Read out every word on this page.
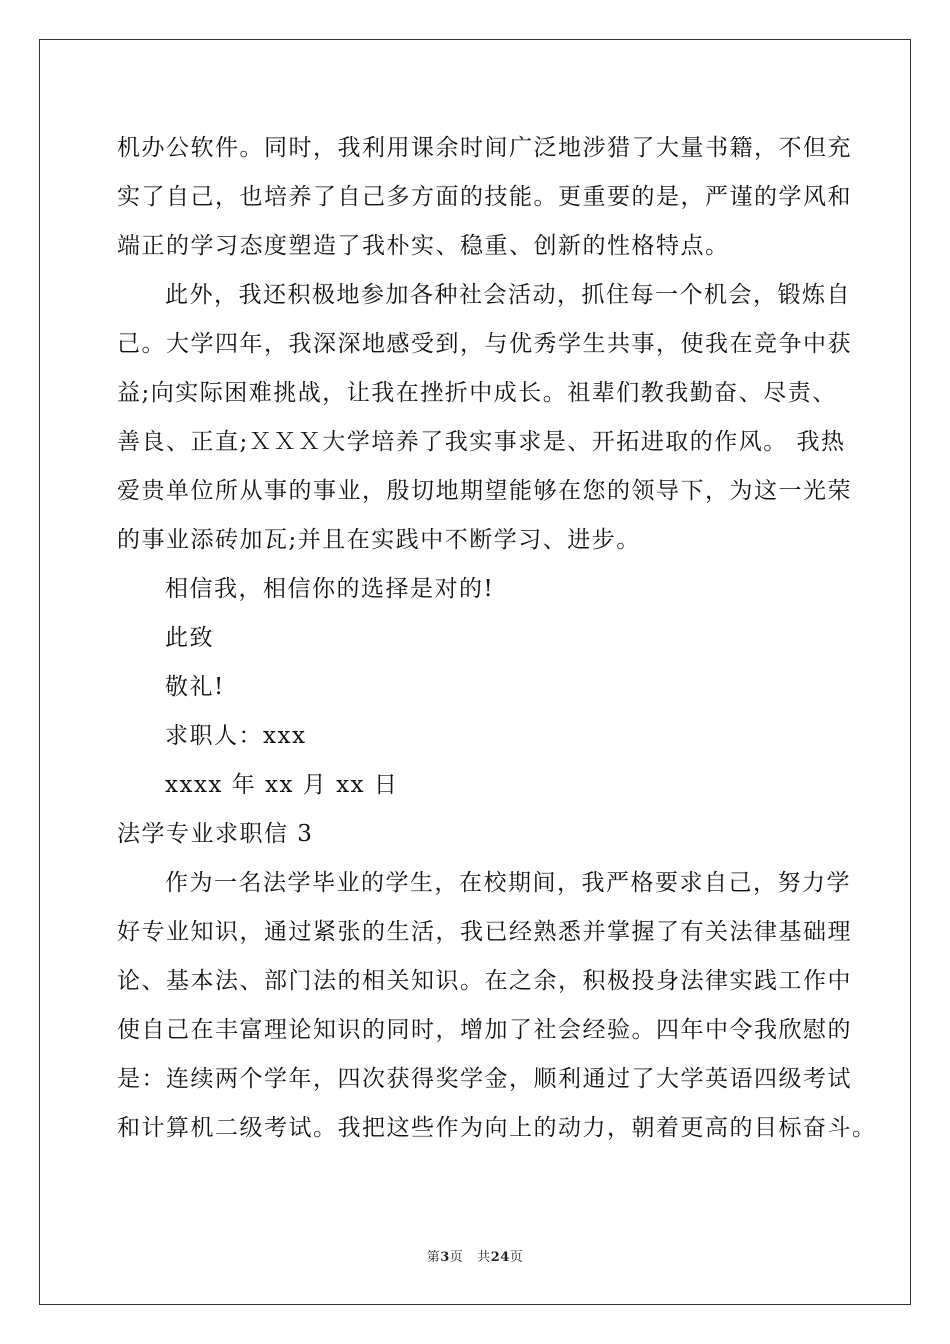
机办公软件。同时，我利用课余时间广泛地涉猎了大量书籍，不但充
实了自己，也培养了自己多方面的技能。更重要的是，严谨的学风和
端正的学习态度塑造了我朴实、稳重、创新的性格特点。
此外，我还积极地参加各种社会活动，抓住每一个机会，锻炼自
己。大学四年，我深深地感受到，与优秀学生共事，使我在竞争中获
益;向实际困难挑战，让我在挫折中成长。祖辈们教我勤奋、尽责、
善良、正直;ＸＸＸ大学培养了我实事求是、开拓进取的作风。 我热
爱贵单位所从事的事业，殷切地期望能够在您的领导下，为这一光荣
的事业添砖加瓦;并且在实践中不断学习、进步。
相信我，相信你的选择是对的!
此致
敬礼!
求职人：xxx
xxxx 年 xx 月 xx 日
法学专业求职信 3
作为一名法学毕业的学生，在校期间，我严格要求自己，努力学
好专业知识，通过紧张的生活，我已经熟悉并掌握了有关法律基础理
论、基本法、部门法的相关知识。在之余，积极投身法律实践工作中
使自己在丰富理论知识的同时，增加了社会经验。四年中令我欣慰的
是：连续两个学年，四次获得奖学金，顺利通过了大学英语四级考试
和计算机二级考试。我把这些作为向上的动力，朝着更高的目标奋斗。
第3页 共24页
